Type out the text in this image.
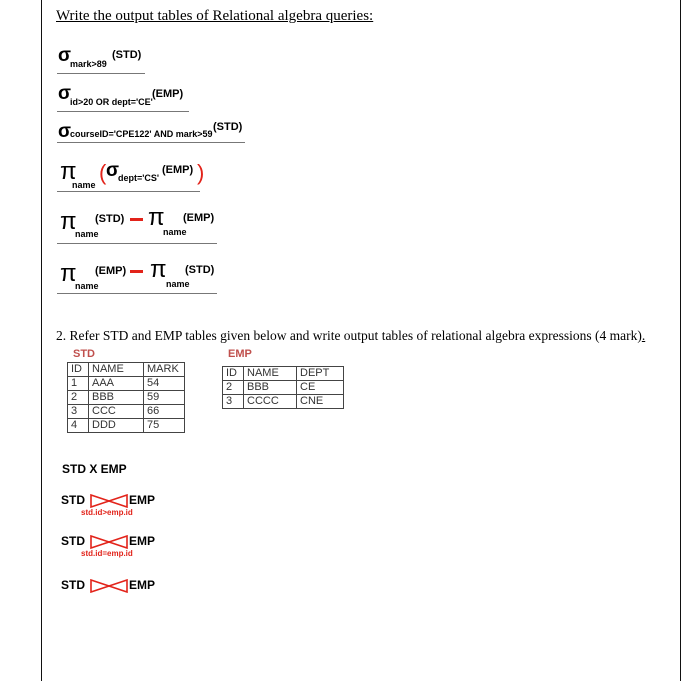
Write the output tables of Relational algebra queries:
σ mark>89
(STD)
σ id>20 OR dept='CE'
(EMP)
σ courseID='CPE122' AND mark>59
(STD)
π
name ( σ dept='CS'
(EMP) )
π
name
(STD) π
name
(EMP)
π
name
(EMP) π
name
(STD)
2. Refer STD and EMP tables given below and write output tables of relational algebra expressions (4 mark).
STD
ID	NAME	MARK
1	AAA	54
2	BBB	59
3	CCC	66
4	DDD	75
EMP
ID	NAME	DEPT
2	BBB	CE
3	CCCC	CNE
STD X EMP
STD	EMP
std.id>emp.id
STD	EMP
std.id=emp.id
STD	EMP
